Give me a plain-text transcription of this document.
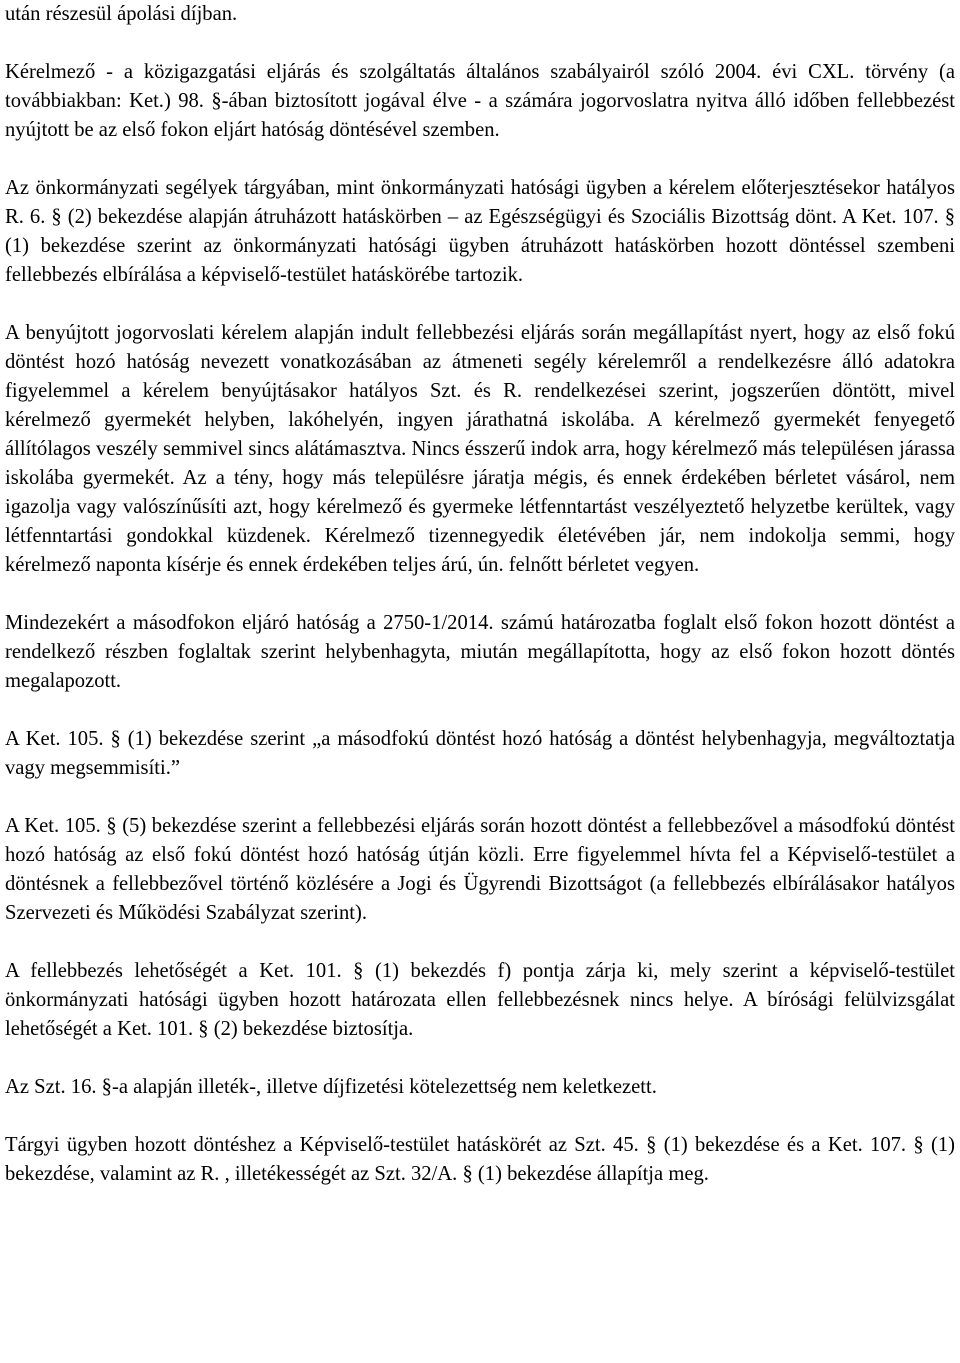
után részesül ápolási díjban.

Kérelmező - a közigazgatási eljárás és szolgáltatás általános szabályairól szóló 2004. évi CXL. törvény (a továbbiakban: Ket.) 98. §-ában biztosított jogával élve - a számára jogorvoslatra nyitva álló időben fellebbezést nyújtott be az első fokon eljárt hatóság döntésével szemben.

Az önkormányzati segélyek tárgyában, mint önkormányzati hatósági ügyben a kérelem előterjesztésekor hatályos R. 6. § (2) bekezdése alapján átruházott hatáskörben – az Egészségügyi és Szociális Bizottság dönt. A Ket. 107. § (1) bekezdése szerint az önkormányzati hatósági ügyben átruházott hatáskörben hozott döntéssel szembeni fellebbezés elbírálása a képviselő-testület hatáskörébe tartozik.

A benyújtott jogorvoslati kérelem alapján indult fellebbezési eljárás során megállapítást nyert, hogy az első fokú döntést hozó hatóság nevezett vonatkozásában az átmeneti segély kérelemről a rendelkezésre álló adatokra figyelemmel a kérelem benyújtásakor hatályos Szt. és R. rendelkezései szerint, jogszerűen döntött, mivel kérelmező gyermekét helyben, lakóhelyén, ingyen járathatná iskolába. A kérelmező gyermekét fenyegető állítólagos veszély semmivel sincs alátámasztva. Nincs ésszerű indok arra, hogy kérelmező más településen járassa iskolába gyermekét. Az a tény, hogy más településre járatja mégis, és ennek érdekében bérletet vásárol, nem igazolja vagy valószínűsíti azt, hogy kérelmező és gyermeke létfenntartást veszélyeztető helyzetbe kerültek, vagy létfenntartási gondokkal küzdenek. Kérelmező tizennegyedik életévében jár, nem indokolja semmi, hogy kérelmező naponta kísérje és ennek érdekében teljes árú, ún. felnőtt bérletet vegyen.

Mindezekért a másodfokon eljáró hatóság a 2750-1/2014. számú határozatba foglalt első fokon hozott döntést a rendelkező részben foglaltak szerint helybenhagyta, miután megállapította, hogy az első fokon hozott döntés megalapozott.

A Ket. 105. § (1) bekezdése szerint „a másodfokú döntést hozó hatóság a döntést helybenhagyja, megváltoztatja vagy megsemmisíti.”

A Ket. 105. § (5) bekezdése szerint a fellebbezési eljárás során hozott döntést a fellebbezővel a másodfokú döntést hozó hatóság az első fokú döntést hozó hatóság útján közli. Erre figyelemmel hívta fel a Képviselő-testület a döntésnek a fellebbezővel történő közlésére a Jogi és Ügyrendi Bizottságot (a fellebbezés elbírálásakor hatályos Szervezeti és Működési Szabályzat szerint).

A fellebbezés lehetőségét a Ket. 101. § (1) bekezdés f) pontja zárja ki, mely szerint a képviselő-testület önkormányzati hatósági ügyben hozott határozata ellen fellebbezésnek nincs helye. A bírósági felülvizsgálat lehetőségét a Ket. 101. § (2) bekezdése biztosítja.

Az Szt. 16. §-a alapján illeték-, illetve díjfizetési kötelezettség nem keletkezett.

Tárgyi ügyben hozott döntéshez a Képviselő-testület hatáskörét az Szt. 45. § (1) bekezdése és a Ket. 107. § (1) bekezdése, valamint az R. , illetékességét az Szt. 32/A. § (1) bekezdése állapítja meg.
